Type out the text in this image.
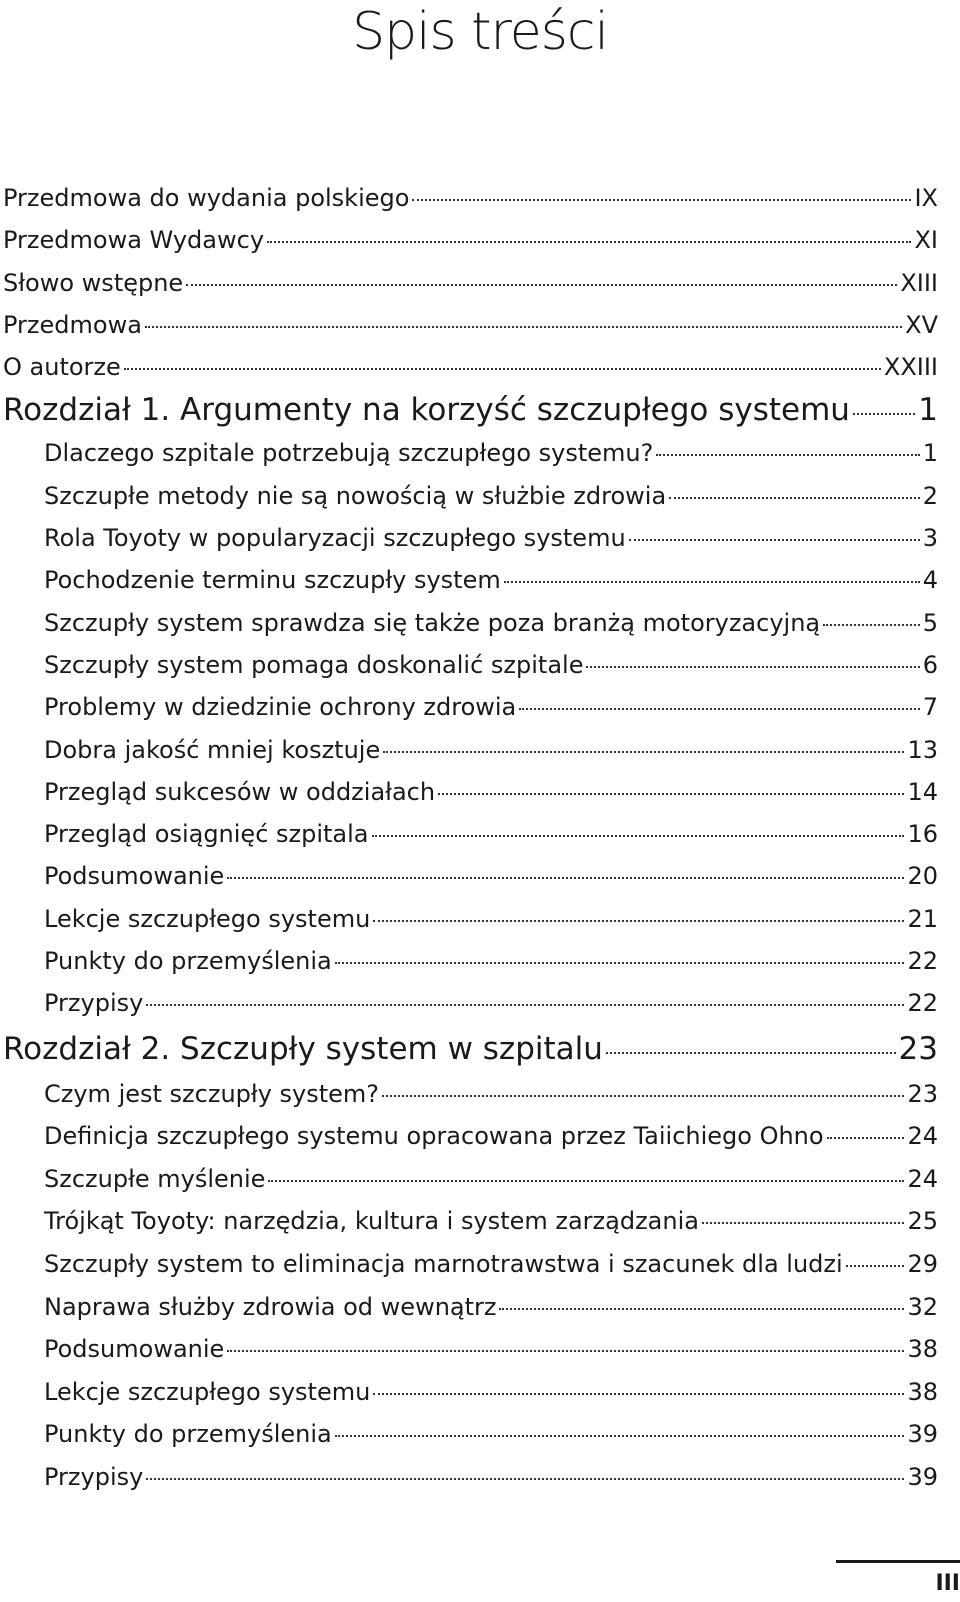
Spis treści
Przedmowa do wydania polskiego	IX
Przedmowa Wydawcy	XI
Słowo wstępne	XIII
Przedmowa	XV
O autorze	XXIII
Rozdział 1. Argumenty na korzyść szczupłego systemu 1
Dlaczego szpitale potrzebują szczupłego systemu?	1
Szczupłe metody nie są nowością w służbie zdrowia	2
Rola Toyoty w popularyzacji szczupłego systemu	3
Pochodzenie terminu szczupły system	4
Szczupły system sprawdza się także poza branżą motoryzacyjną	5
Szczupły system pomaga doskonalić szpitale	6
Problemy w dziedzinie ochrony zdrowia	7
Dobra jakość mniej kosztuje	13
Przegląd sukcesów w oddziałach	14
Przegląd osiągnięć szpitala	16
Podsumowanie	20
Lekcje szczupłego systemu	21
Punkty do przemyślenia	22
Przypisy	22
Rozdział 2. Szczupły system w szpitalu	23
Czym jest szczupły system?	23
Definicja szczupłego systemu opracowana przez Taiichiego Ohno	24
Szczupłe myślenie	24
Trójkąt Toyoty: narzędzia, kultura i system zarządzania	25
Szczupły system to eliminacja marnotrawstwa i szacunek dla ludzi	29
Naprawa służby zdrowia od wewnątrz	32
Podsumowanie	38
Lekcje szczupłego systemu	38
Punkty do przemyślenia	39
Przypisy	39
III
